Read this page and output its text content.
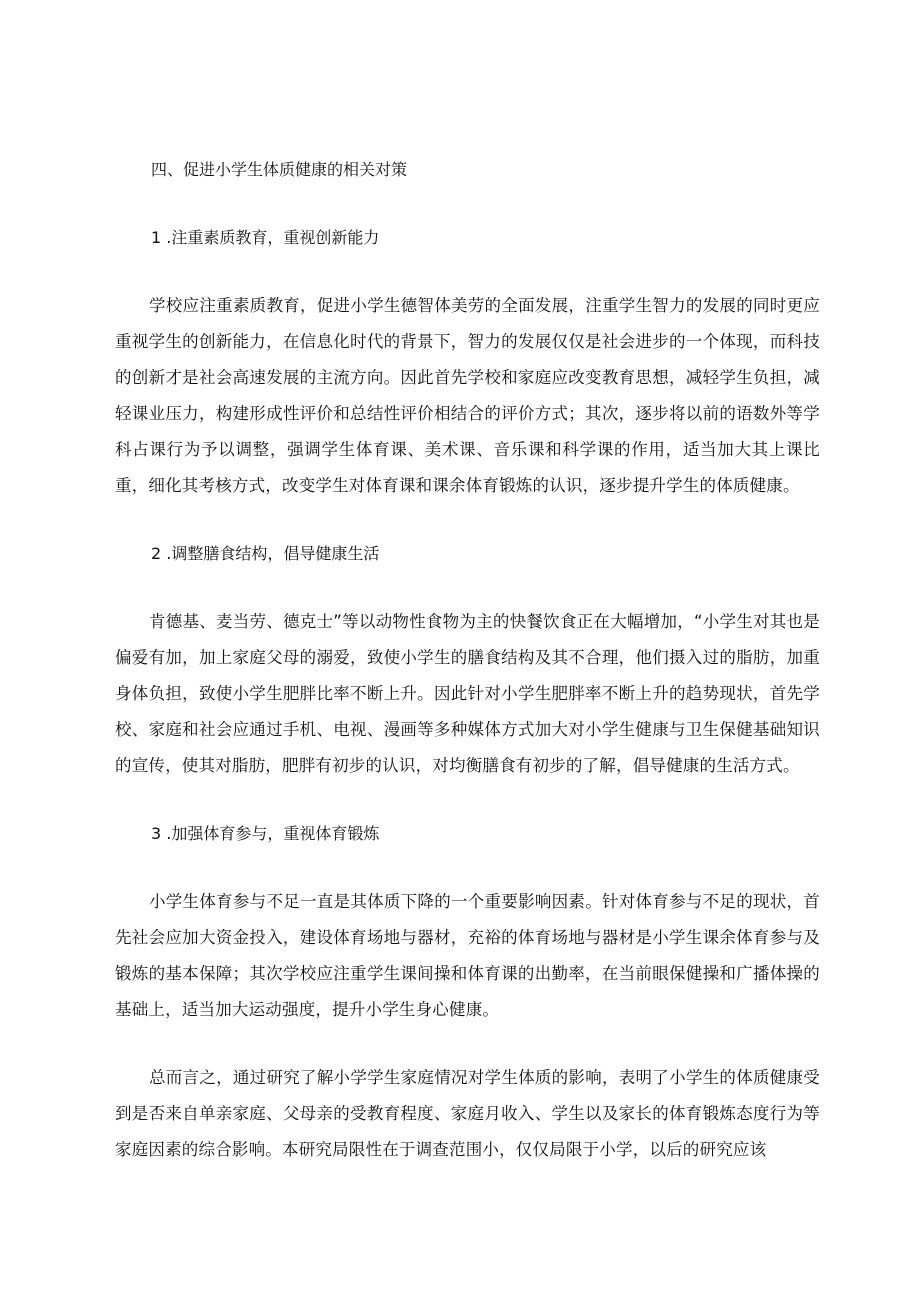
四、促进小学生体质健康的相关对策

1 .注重素质教育，重视创新能力

学校应注重素质教育，促进小学生德智体美劳的全面发展，注重学生智力的发展的同时更应重视学生的创新能力，在信息化时代的背景下，智力的发展仅仅是社会进步的一个体现，而科技的创新才是社会高速发展的主流方向。因此首先学校和家庭应改变教育思想，减轻学生负担，减轻课业压力，构建形成性评价和总结性评价相结合的评价方式；其次，逐步将以前的语数外等学科占课行为予以调整，强调学生体育课、美术课、音乐课和科学课的作用，适当加大其上课比重，细化其考核方式，改变学生对体育课和课余体育锻炼的认识，逐步提升学生的体质健康。

2 .调整膳食结构，倡导健康生活

肯德基、麦当劳、德克士”等以动物性食物为主的快餐饮食正在大幅增加，“小学生对其也是偏爱有加，加上家庭父母的溺爱，致使小学生的膳食结构及其不合理，他们摄入过的脂肪，加重身体负担，致使小学生肥胖比率不断上升。因此针对小学生肥胖率不断上升的趋势现状，首先学校、家庭和社会应通过手机、电视、漫画等多种媒体方式加大对小学生健康与卫生保健基础知识的宣传，使其对脂肪，肥胖有初步的认识，对均衡膳食有初步的了解，倡导健康的生活方式。

3 .加强体育参与，重视体育锻炼

小学生体育参与不足一直是其体质下降的一个重要影响因素。针对体育参与不足的现状，首先社会应加大资金投入，建设体育场地与器材，充裕的体育场地与器材是小学生课余体育参与及锻炼的基本保障；其次学校应注重学生课间操和体育课的出勤率，在当前眼保健操和广播体操的基础上，适当加大运动强度，提升小学生身心健康。

总而言之，通过研究了解小学学生家庭情况对学生体质的影响，表明了小学生的体质健康受到是否来自单亲家庭、父母亲的受教育程度、家庭月收入、学生以及家长的体育锻炼态度行为等家庭因素的综合影响。本研究局限性在于调查范围小，仅仅局限于小学，以后的研究应该
